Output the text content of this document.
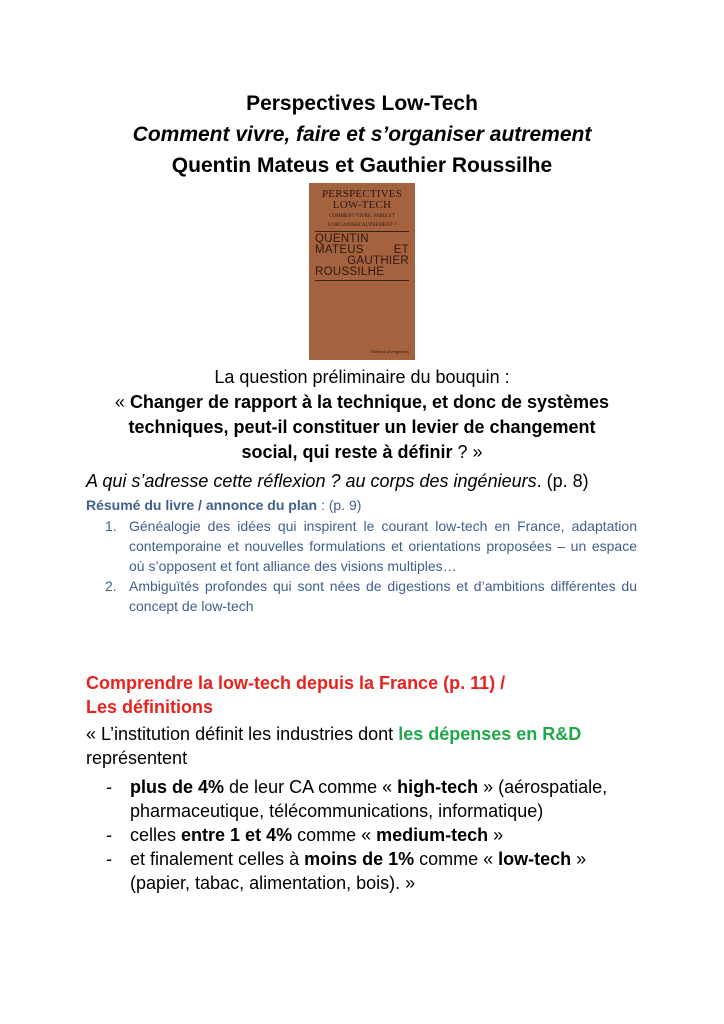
Perspectives Low-Tech
Comment vivre, faire et s’organiser autrement
Quentin Mateus et Gauthier Roussilhe
PERSPECTIVES
LOW-TECH
COMMENT VIVRE, FAIRE ET
S’ORGANISER AUTREMENT ?
QUENTIN
MATEUS	ET
GAUTHIER
ROUSSILHE
Éditions Divergences
La question préliminaire du bouquin :
« Changer de rapport à la technique, et donc de systèmes
techniques, peut-il constituer un levier de changement
social, qui reste à définir ? »
A qui s’adresse cette réflexion ? au corps des ingénieurs. (p. 8)
Résumé du livre / annonce du plan : (p. 9)
1. Généalogie des idées qui inspirent le courant low-tech en France, adaptation contemporaine et nouvelles formulations et orientations proposées – un espace où s’opposent et font alliance des visions multiples…
2. Ambiguïtés profondes qui sont nées de digestions et d’ambitions différentes du concept de low-tech
Comprendre la low-tech depuis la France (p. 11) /
Les définitions
« L’institution définit les industries dont les dépenses en R&D
représentent
- plus de 4% de leur CA comme « high-tech » (aérospatiale, pharmaceutique, télécommunications, informatique)
- celles entre 1 et 4% comme « medium-tech »
- et finalement celles à moins de 1% comme « low-tech » (papier, tabac, alimentation, bois). »
